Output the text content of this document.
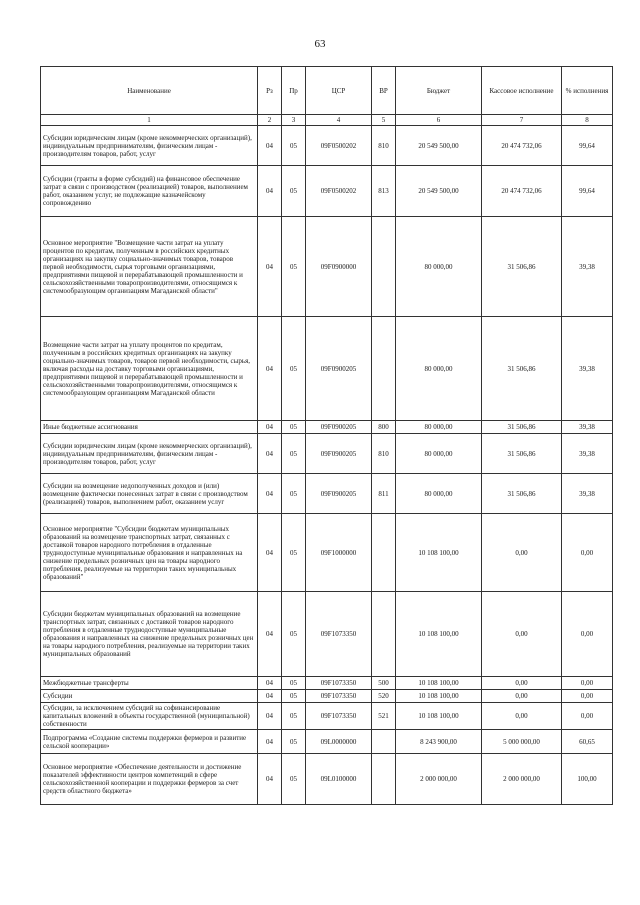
63
Наименование	Рз	Пр	ЦСР	ВР	Бюджет	Кассовое исполнение	% исполнения
1	2	3	4	5	6	7	8
Субсидии юридическим лицам (кроме некоммерческих организаций), индивидуальным предпринимателям, физическим лицам - производителям товаров, работ, услуг	04	05	09F0500202	810	20 549 500,00	20 474 732,06	99,64
Субсидии (гранты в форме субсидий) на финансовое обеспечение затрат в связи с производством (реализацией) товаров, выполнением работ, оказанием услуг, не подлежащие казначейскому сопровождению	04	05	09F0500202	813	20 549 500,00	20 474 732,06	99,64
Основное мероприятие "Возмещение части затрат на уплату процентов по кредитам, полученным в российских кредитных организациях на закупку социально-значимых товаров, товаров первой необходимости, сырья торговыми организациями, предприятиями пищевой и перерабатывающей промышленности и сельскохозяйственными товаропроизводителями, относящимся к системообразующим организациям Магаданской области"	04	05	09F0900000		80 000,00	31 506,86	39,38
Возмещение части затрат на уплату процентов по кредитам, полученным в российских кредитных организациях на закупку социально-значимых товаров, товаров первой необходимости, сырья, включая расходы на доставку торговыми организациями, предприятиями пищевой и перерабатывающей промышленности и сельскохозяйственными товаропроизводителями, относящимся к системообразующим организациям Магаданской области	04	05	09F0900205		80 000,00	31 506,86	39,38
Иные бюджетные ассигнования	04	05	09F0900205	800	80 000,00	31 506,86	39,38
Субсидии юридическим лицам (кроме некоммерческих организаций), индивидуальным предпринимателям, физическим лицам - производителям товаров, работ, услуг	04	05	09F0900205	810	80 000,00	31 506,86	39,38
Субсидии на возмещение недополученных доходов и (или) возмещение фактически понесенных затрат в связи с производством (реализацией) товаров, выполнением работ, оказанием услуг	04	05	09F0900205	811	80 000,00	31 506,86	39,38
Основное мероприятие "Субсидии бюджетам муниципальных образований на возмещение транспортных затрат, связанных с доставкой товаров народного потребления в отдаленные труднодоступные муниципальные образования и направленных на снижение предельных розничных цен на товары народного потребления, реализуемые на территории таких муниципальных образований"	04	05	09F1000000		10 108 100,00	0,00	0,00
Субсидии бюджетам муниципальных образований на возмещение транспортных затрат, связанных с доставкой товаров народного потребления в отдаленные труднодоступные муниципальные образования и направленных на снижение предельных розничных цен на товары народного потребления, реализуемые на территории таких муниципальных образований	04	05	09F1073350		10 108 100,00	0,00	0,00
Межбюджетные трансферты	04	05	09F1073350	500	10 108 100,00	0,00	0,00
Субсидии	04	05	09F1073350	520	10 108 100,00	0,00	0,00
Субсидии, за исключением субсидий на софинансирование капитальных вложений в объекты государственной (муниципальной) собственности	04	05	09F1073350	521	10 108 100,00	0,00	0,00
Подпрограмма «Создание системы поддержки фермеров и развитие сельской кооперации»	04	05	09L0000000		8 243 900,00	5 000 000,00	60,65
Основное мероприятие «Обеспечение деятельности и достижение показателей эффективности центров компетенций в сфере сельскохозяйственной кооперации и поддержки фермеров за счет средств областного бюджета»	04	05	09L0100000		2 000 000,00	2 000 000,00	100,00
